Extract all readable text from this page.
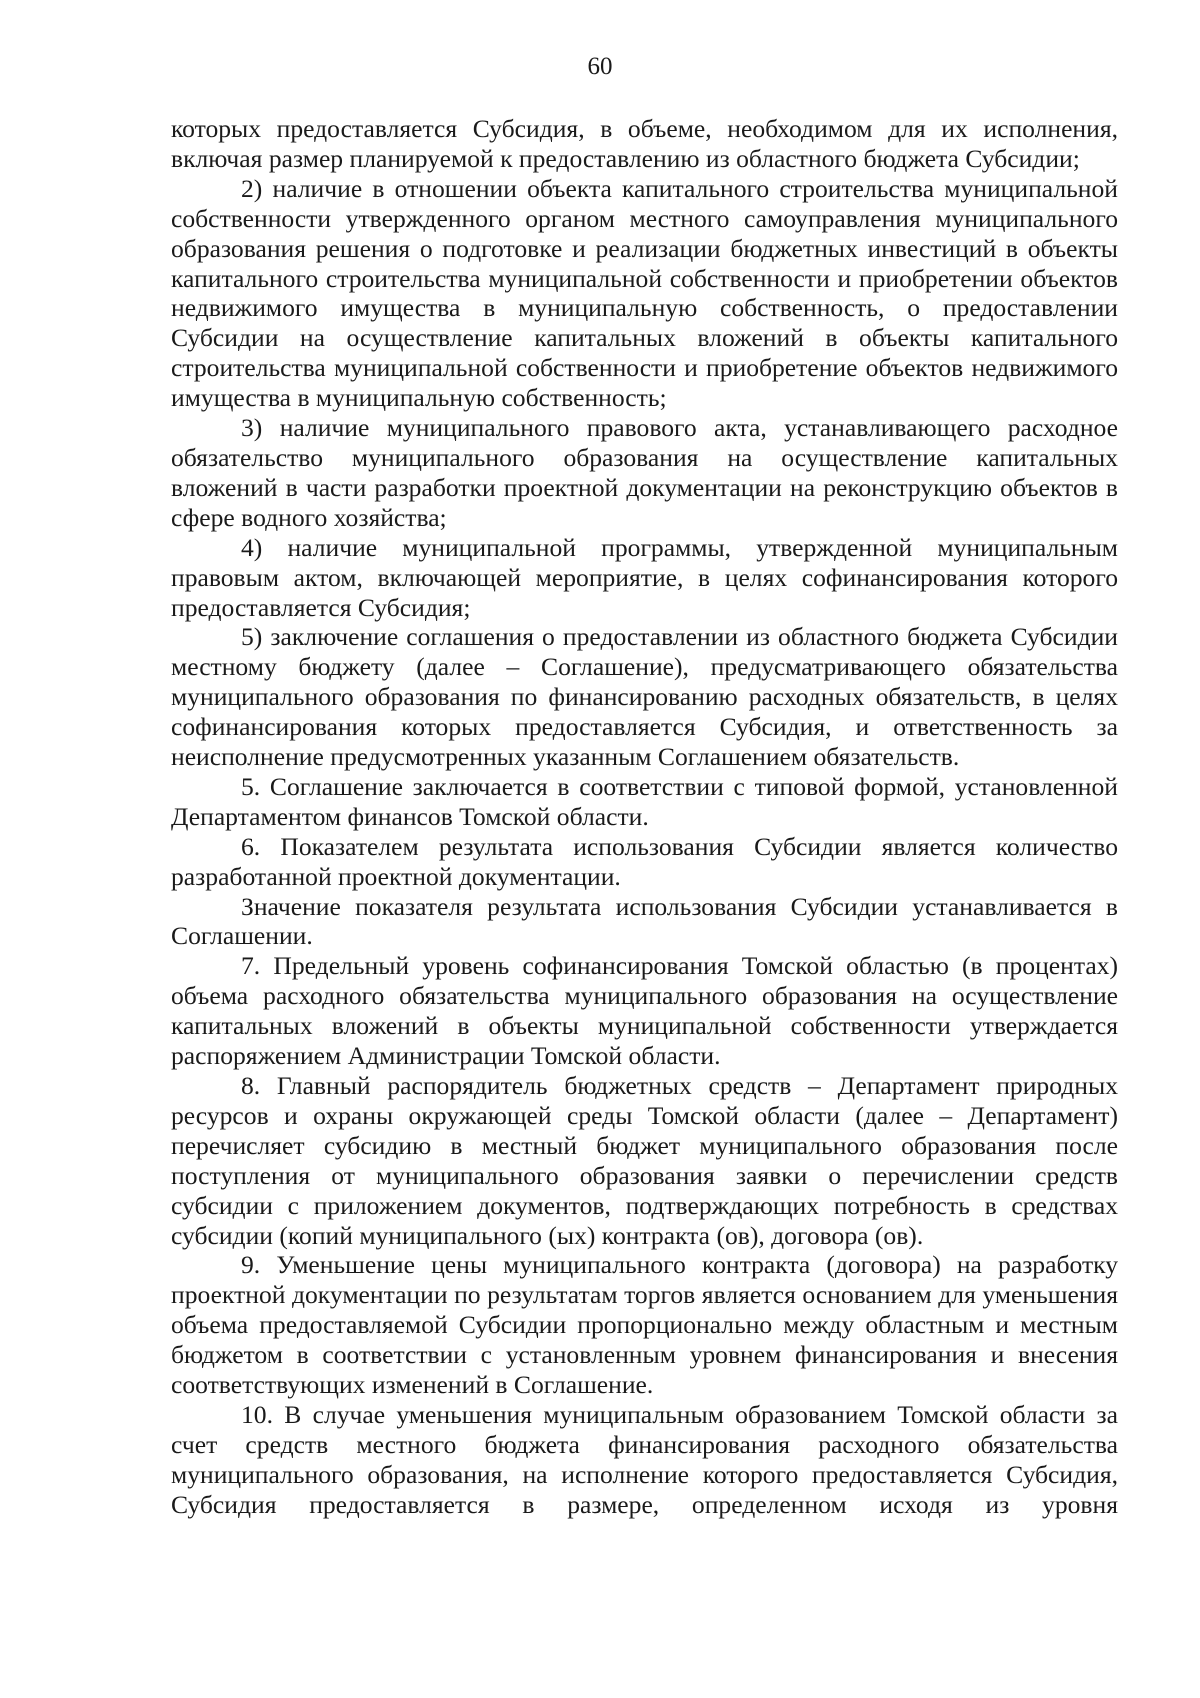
60

которых предоставляется Субсидия, в объеме, необходимом для их исполнения, включая размер планируемой к предоставлению из областного бюджета Субсидии;

2) наличие в отношении объекта капитального строительства муниципальной собственности утвержденного органом местного самоуправления муниципального образования решения о подготовке и реализации бюджетных инвестиций в объекты капитального строительства муниципальной собственности и приобретении объектов недвижимого имущества в муниципальную собственность, о предоставлении Субсидии на осуществление капитальных вложений в объекты капитального строительства муниципальной собственности и приобретение объектов недвижимого имущества в муниципальную собственность;

3) наличие муниципального правового акта, устанавливающего расходное обязательство муниципального образования на осуществление капитальных вложений в части разработки проектной документации на реконструкцию объектов в сфере водного хозяйства;

4) наличие муниципальной программы, утвержденной муниципальным правовым актом, включающей мероприятие, в целях софинансирования которого предоставляется Субсидия;

5) заключение соглашения о предоставлении из областного бюджета Субсидии местному бюджету (далее – Соглашение), предусматривающего обязательства муниципального образования по финансированию расходных обязательств, в целях софинансирования которых предоставляется Субсидия, и ответственность за неисполнение предусмотренных указанным Соглашением обязательств.

5. Соглашение заключается в соответствии с типовой формой, установленной Департаментом финансов Томской области.

6. Показателем результата использования Субсидии является количество разработанной проектной документации.

Значение показателя результата использования Субсидии устанавливается в Соглашении.

7. Предельный уровень софинансирования Томской областью (в процентах) объема расходного обязательства муниципального образования на осуществление капитальных вложений в объекты муниципальной собственности утверждается распоряжением Администрации Томской области.

8. Главный распорядитель бюджетных средств – Департамент природных ресурсов и охраны окружающей среды Томской области (далее – Департамент) перечисляет субсидию в местный бюджет муниципального образования после поступления от муниципального образования заявки о перечислении средств субсидии с приложением документов, подтверждающих потребность в средствах субсидии (копий муниципального (ых) контракта (ов), договора (ов).

9. Уменьшение цены муниципального контракта (договора) на разработку проектной документации по результатам торгов является основанием для уменьшения объема предоставляемой Субсидии пропорционально между областным и местным бюджетом в соответствии с установленным уровнем финансирования и внесения соответствующих изменений в Соглашение.

10. В случае уменьшения муниципальным образованием Томской области за счет средств местного бюджета финансирования расходного обязательства муниципального образования, на исполнение которого предоставляется Субсидия, Субсидия предоставляется в размере, определенном исходя из уровня
